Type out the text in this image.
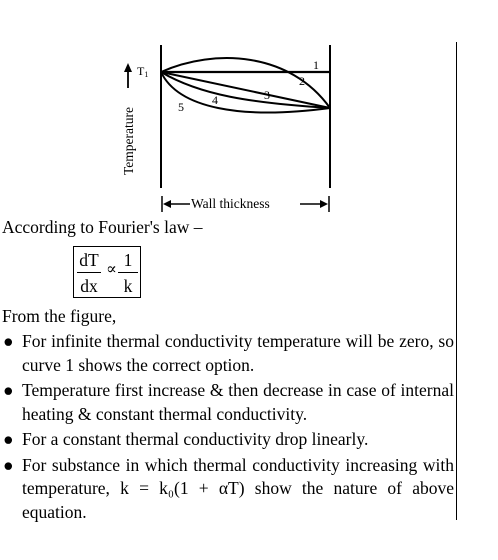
1
2
3
4
5
T1
Temperature
Wall thickness
According to Fourier's law –
$\frac{dT}{dx} \propto \frac{1}{k}$
From the figure,
● For infinite thermal conductivity temperature will be zero, so curve 1 shows the correct option.
● Temperature first increase & then decrease in case of internal heating & constant thermal conductivity.
● For a constant thermal conductivity drop linearly.
● For substance in which thermal conductivity increasing with temperature, k = k₀(1 + αT) show the nature of above equation.
